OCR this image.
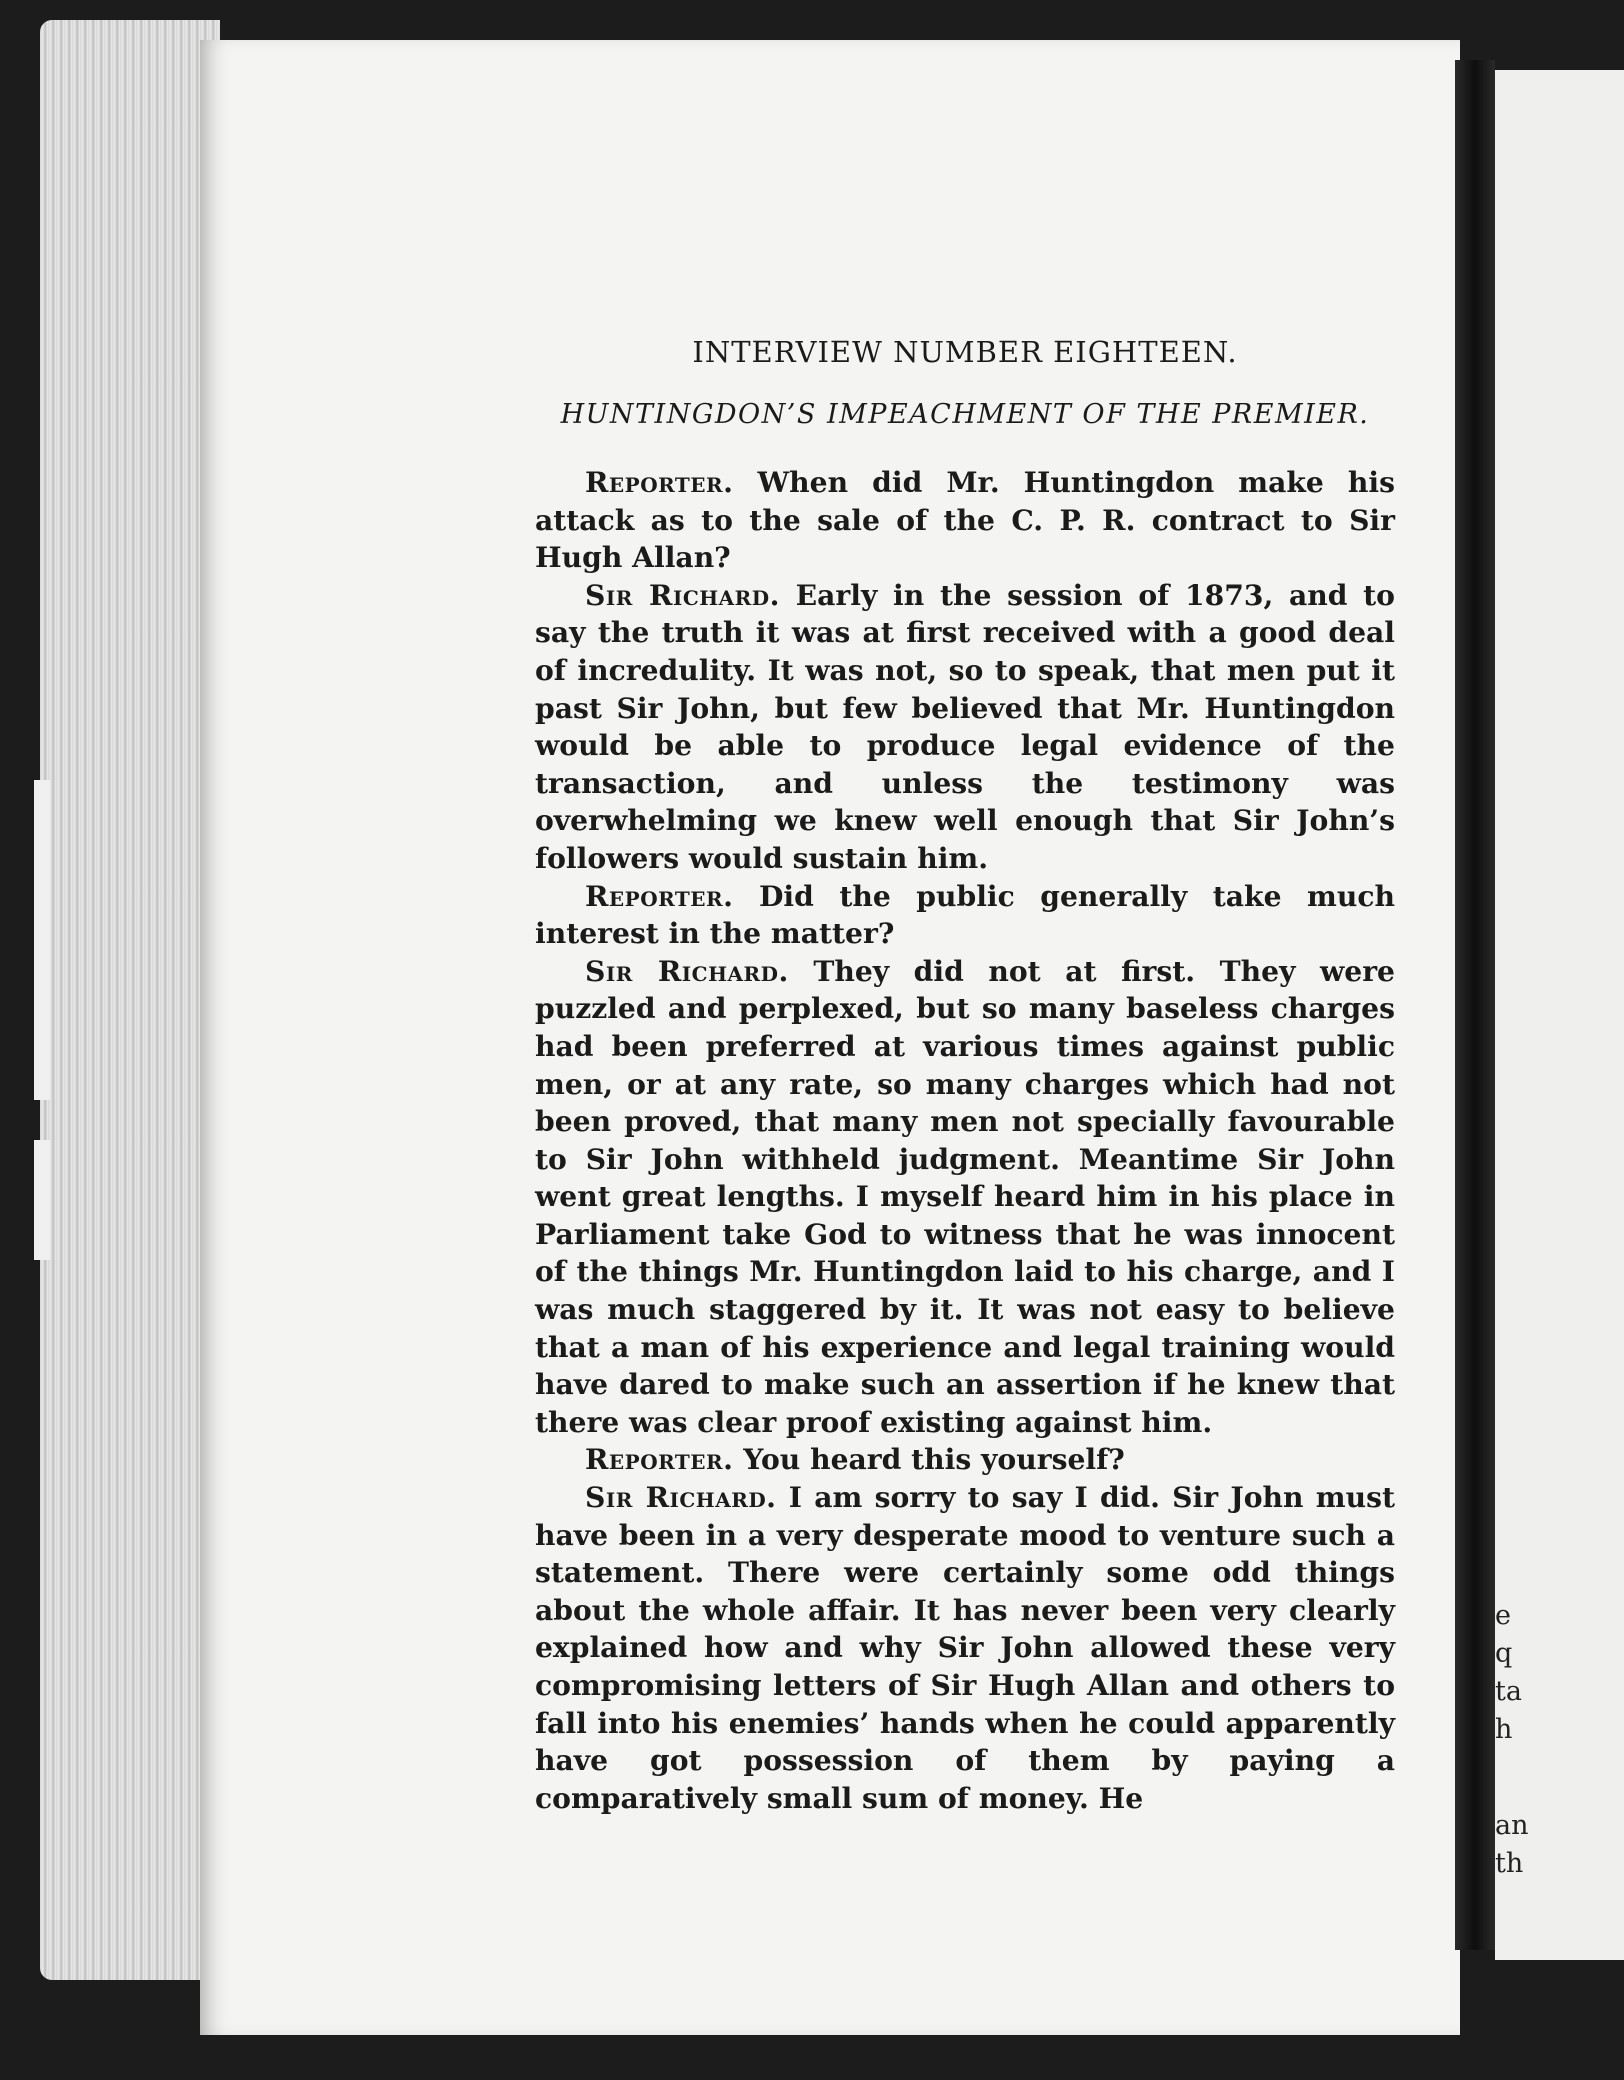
e
q
ta
h
an
th
INTERVIEW NUMBER EIGHTEEN.
HUNTINGDON’S IMPEACHMENT OF THE PREMIER.

Reporter. When did Mr. Huntingdon make his attack as to the sale of the C. P. R. contract to Sir Hugh Allan?

Sir Richard. Early in the session of 1873, and to say the truth it was at first received with a good deal of incredulity. It was not, so to speak, that men put it past Sir John, but few believed that Mr. Huntingdon would be able to produce legal evidence of the transaction, and unless the testimony was overwhelming we knew well enough that Sir John’s followers would sustain him.

Reporter. Did the public generally take much interest in the matter?

Sir Richard. They did not at first. They were puzzled and perplexed, but so many baseless charges had been preferred at various times against public men, or at any rate, so many charges which had not been proved, that many men not specially favourable to Sir John withheld judgment. Meantime Sir John went great lengths. I myself heard him in his place in Parliament take God to witness that he was innocent of the things Mr. Huntingdon laid to his charge, and I was much staggered by it. It was not easy to believe that a man of his experience and legal training would have dared to make such an assertion if he knew that there was clear proof existing against him.

Reporter. You heard this yourself?

Sir Richard. I am sorry to say I did. Sir John must have been in a very desperate mood to venture such a statement. There were certainly some odd things about the whole affair. It has never been very clearly explained how and why Sir John allowed these very compromising letters of Sir Hugh Allan and others to fall into his enemies’ hands when he could apparently have got possession of them by paying a comparatively small sum of money. He
